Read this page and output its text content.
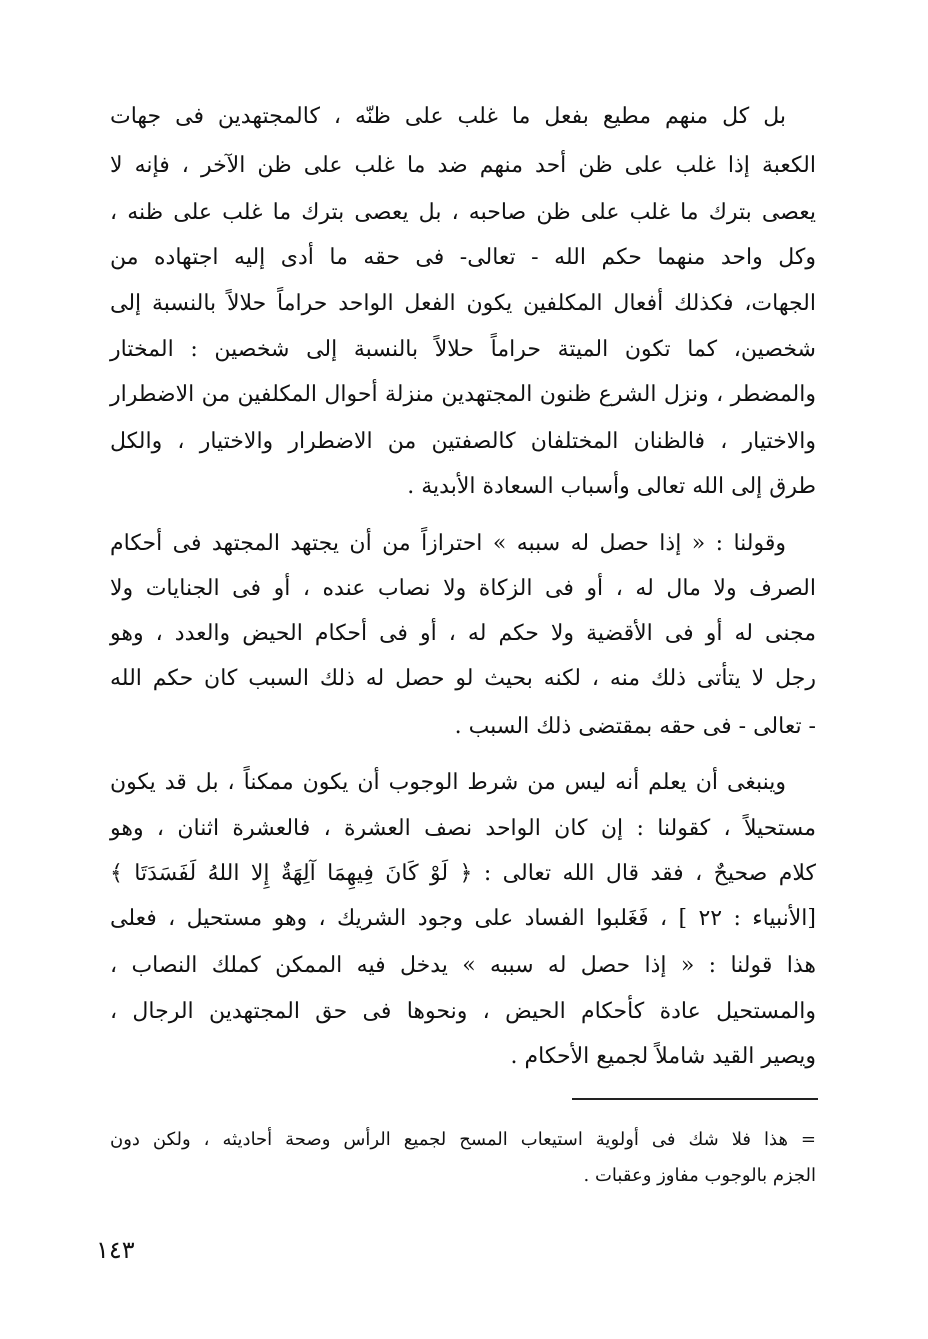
بل كل منهم مطيع بفعل ما غلب على ظنّه ، كالمجتهدين فى جهات
الكعبة إذا غلب على ظن أحد منهم ضد ما غلب على ظن الآخر ، فإنه لا
يعصى بترك ما غلب على ظن صاحبه ، بل يعصى بترك ما غلب على ظنه ،
وكل واحد منهما حكم الله - تعالى- فى حقه ما أدى إليه اجتهاده من
الجهات، فكذلك أفعال المكلفين يكون الفعل الواحد حراماً حلالاً بالنسبة إلى
شخصين، كما تكون الميتة حراماً حلالاً بالنسبة إلى شخصين : المختار
والمضطر ، ونزل الشرع ظنون المجتهدين منزلة أحوال المكلفين من الاضطرار
والاختيار ، فالظنان المختلفان كالصفتين من الاضطرار والاختيار ، والكل
طرق إلى الله تعالى وأسباب السعادة الأبدية .
وقولنا : « إذا حصل له سببه » احترازاً من أن يجتهد المجتهد فى أحكام
الصرف ولا مال له ، أو فى الزكاة ولا نصاب عنده ، أو فى الجنايات ولا
مجنى له أو فى الأقضية ولا حكم له ، أو فى أحكام الحيض والعدد ، وهو
رجل لا يتأتى ذلك منه ، لكنه بحيث لو حصل له ذلك السبب كان حكم الله
- تعالى - فى حقه بمقتضى ذلك السبب .
وينبغى أن يعلم أنه ليس من شرط الوجوب أن يكون ممكناً ، بل قد يكون
مستحيلاً ، كقولنا : إن كان الواحد نصف العشرة ، فالعشرة اثنان ، وهو
كلام صحيحٌ ، فقد قال الله تعالى : ﴿ لَوْ كَانَ فِيهِمَا آلِهَةٌ إِلا اللهُ لَفَسَدَتَا ﴾
[الأنبياء : ٢٢ ] ، فَغَلبوا الفساد على وجود الشريك ، وهو مستحيل ، فعلى
هذا قولنا : « إذا حصل له سببه » يدخل فيه الممكن كملك النصاب ،
والمستحيل عادة كأحكام الحيض ، ونحوها فى حق المجتهدين الرجال ،
ويصير القيد شاملاً لجميع الأحكام .
= هذا فلا شك فى أولوية استيعاب المسح لجميع الرأس وصحة أحاديثه ، ولكن دون
الجزم بالوجوب مفاوز وعقبات .
١٤٣
